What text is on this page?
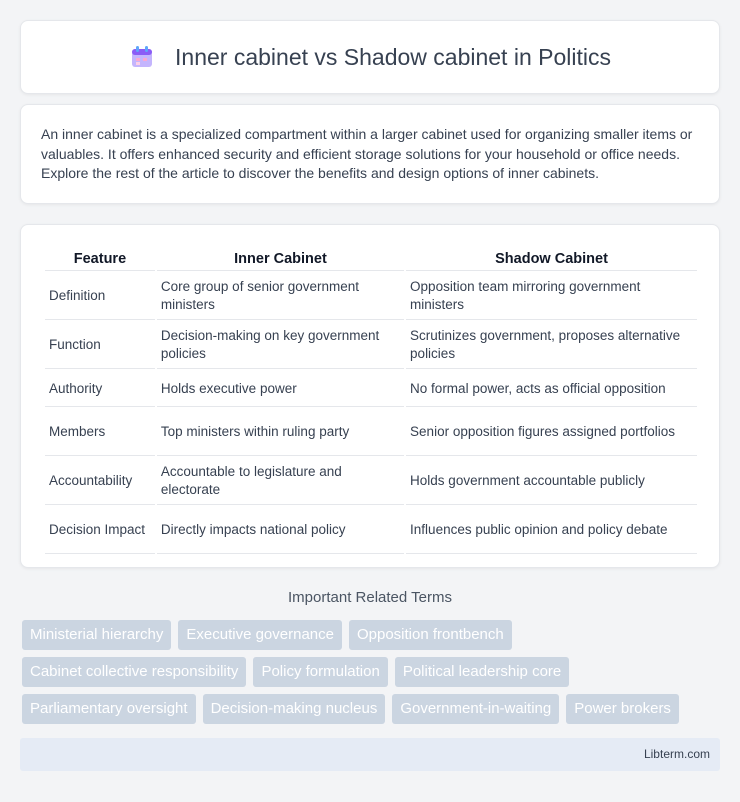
Inner cabinet vs Shadow cabinet in Politics

An inner cabinet is a specialized compartment within a larger cabinet used for organizing smaller items or valuables. It offers enhanced security and efficient storage solutions for your household or office needs. Explore the rest of the article to discover the benefits and design options of inner cabinets.

Feature	Inner Cabinet	Shadow Cabinet
Definition	Core group of senior government ministers	Opposition team mirroring government ministers
Function	Decision-making on key government policies	Scrutinizes government, proposes alternative policies
Authority	Holds executive power	No formal power, acts as official opposition
Members	Top ministers within ruling party	Senior opposition figures assigned portfolios
Accountability	Accountable to legislature and electorate	Holds government accountable publicly
Decision Impact	Directly impacts national policy	Influences public opinion and policy debate
Important Related Terms
Ministerial hierarchy	Executive governance	Opposition frontbench
Cabinet collective responsibility	Policy formulation	Political leadership core
Parliamentary oversight	Decision-making nucleus	Government-in-waiting	Power brokers
Libterm.com
